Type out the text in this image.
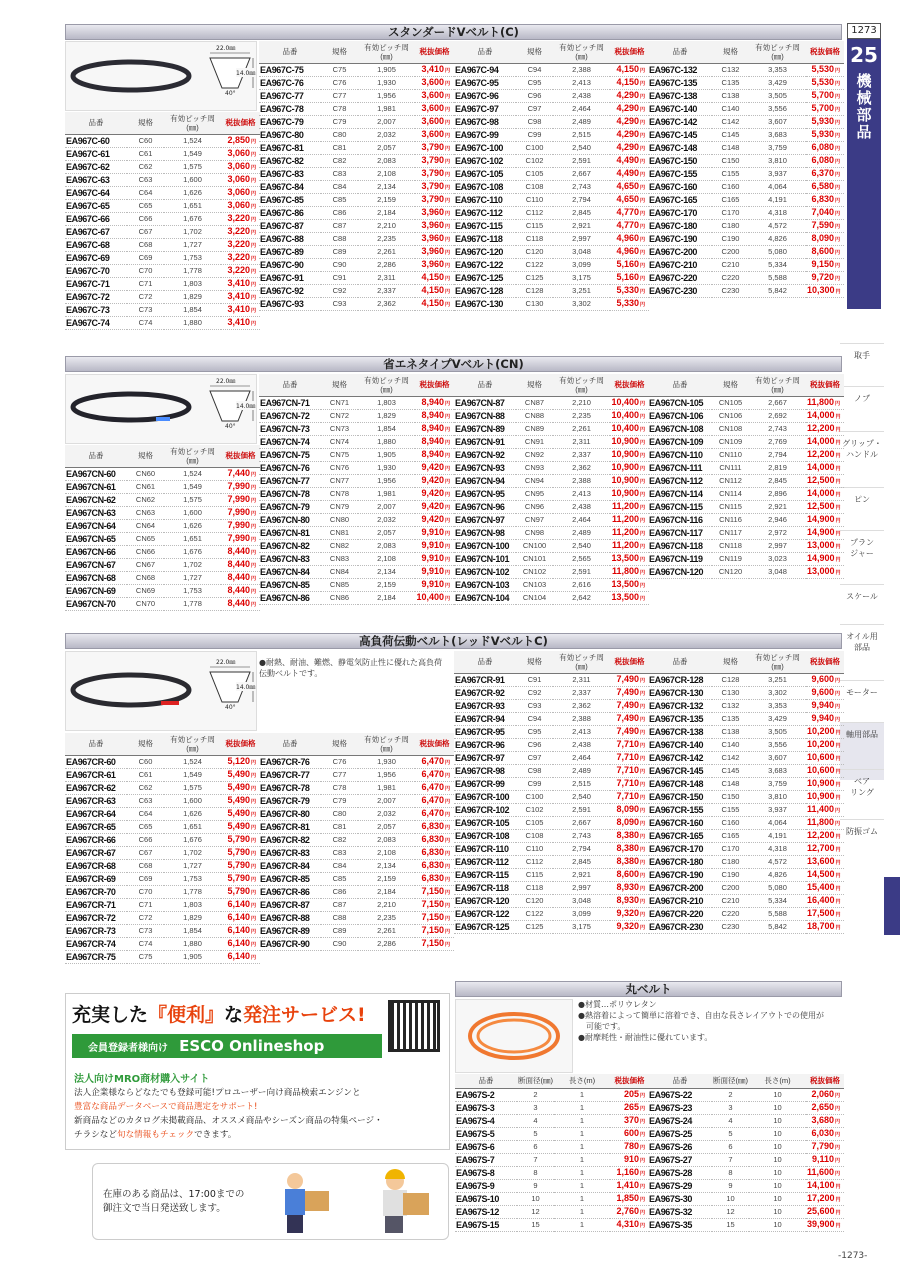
1273
25
機械部品
取手
ノブ
グリップ・
ハンドル
ピン
プラン
ジャー
スケール
オイル用
部品
モーター
軸用部品
ベア
リング
防振ゴム
スタンダードVベルト(C)
22.0㎜
14.0㎜
40°
省エネタイプVベルト(CN)
22.0㎜
14.0㎜
40°
高負荷伝動ベルト(レッドVベルトC)
22.0㎜
14.0㎜
40°
●耐熱、耐油、難燃、静電気防止性に優れた高負荷伝動ベルトです。
丸ベルト
●材質…ポリウレタン
●熱溶着によって簡単に溶着でき、自由な長さレイアウトでの使用が
　可能です。
●耐摩耗性・耐油性に優れています。
充実した『便利』な発注サービス!
会員登録者様向け ESCO Onlineshop
法人向けMRO商材購入サイト
法人企業様ならどなたでも登録可能!プロユーザー向け商品検索エンジンと
豊富な商品データベースで商品選定をサポート!
新商品などのカタログ未掲載商品、オススメ商品やシーズン商品の特集ページ・
チラシなど旬な情報もチェックできます。
在庫のある商品は、17:00までの
御注文で当日発送致します。
-1273-
品番	規格	有効ピッチ周
(㎜)	税抜価格
EA967C-60	C60	1,524	2,850 円
EA967C-61	C61	1,549	3,060 円
EA967C-62	C62	1,575	3,060 円
EA967C-63	C63	1,600	3,060 円
EA967C-64	C64	1,626	3,060 円
EA967C-65	C65	1,651	3,060 円
EA967C-66	C66	1,676	3,220 円
EA967C-67	C67	1,702	3,220 円
EA967C-68	C68	1,727	3,220 円
EA967C-69	C69	1,753	3,220 円
EA967C-70	C70	1,778	3,220 円
EA967C-71	C71	1,803	3,410 円
EA967C-72	C72	1,829	3,410 円
EA967C-73	C73	1,854	3,410 円
EA967C-74	C74	1,880	3,410 円
品番	規格	有効ピッチ周
(㎜)	税抜価格
EA967C-75	C75	1,905	3,410 円
EA967C-76	C76	1,930	3,600 円
EA967C-77	C77	1,956	3,600 円
EA967C-78	C78	1,981	3,600 円
EA967C-79	C79	2,007	3,600 円
EA967C-80	C80	2,032	3,600 円
EA967C-81	C81	2,057	3,790 円
EA967C-82	C82	2,083	3,790 円
EA967C-83	C83	2,108	3,790 円
EA967C-84	C84	2,134	3,790 円
EA967C-85	C85	2,159	3,790 円
EA967C-86	C86	2,184	3,960 円
EA967C-87	C87	2,210	3,960 円
EA967C-88	C88	2,235	3,960 円
EA967C-89	C89	2,261	3,960 円
EA967C-90	C90	2,286	3,960 円
EA967C-91	C91	2,311	4,150 円
EA967C-92	C92	2,337	4,150 円
EA967C-93	C93	2,362	4,150 円
品番	規格	有効ピッチ周
(㎜)	税抜価格
EA967C-94	C94	2,388	4,150 円
EA967C-95	C95	2,413	4,150 円
EA967C-96	C96	2,438	4,290 円
EA967C-97	C97	2,464	4,290 円
EA967C-98	C98	2,489	4,290 円
EA967C-99	C99	2,515	4,290 円
EA967C-100	C100	2,540	4,290 円
EA967C-102	C102	2,591	4,490 円
EA967C-105	C105	2,667	4,490 円
EA967C-108	C108	2,743	4,650 円
EA967C-110	C110	2,794	4,650 円
EA967C-112	C112	2,845	4,770 円
EA967C-115	C115	2,921	4,770 円
EA967C-118	C118	2,997	4,960 円
EA967C-120	C120	3,048	4,960 円
EA967C-122	C122	3,099	5,160 円
EA967C-125	C125	3,175	5,160 円
EA967C-128	C128	3,251	5,330 円
EA967C-130	C130	3,302	5,330 円
品番	規格	有効ピッチ周
(㎜)	税抜価格
EA967C-132	C132	3,353	5,530 円
EA967C-135	C135	3,429	5,530 円
EA967C-138	C138	3,505	5,700 円
EA967C-140	C140	3,556	5,700 円
EA967C-142	C142	3,607	5,930 円
EA967C-145	C145	3,683	5,930 円
EA967C-148	C148	3,759	6,080 円
EA967C-150	C150	3,810	6,080 円
EA967C-155	C155	3,937	6,370 円
EA967C-160	C160	4,064	6,580 円
EA967C-165	C165	4,191	6,830 円
EA967C-170	C170	4,318	7,040 円
EA967C-180	C180	4,572	7,590 円
EA967C-190	C190	4,826	8,090 円
EA967C-200	C200	5,080	8,600 円
EA967C-210	C210	5,334	9,150 円
EA967C-220	C220	5,588	9,720 円
EA967C-230	C230	5,842	10,300 円
品番	規格	有効ピッチ周
(㎜)	税抜価格
EA967CN-60	CN60	1,524	7,440 円
EA967CN-61	CN61	1,549	7,990 円
EA967CN-62	CN62	1,575	7,990 円
EA967CN-63	CN63	1,600	7,990 円
EA967CN-64	CN64	1,626	7,990 円
EA967CN-65	CN65	1,651	7,990 円
EA967CN-66	CN66	1,676	8,440 円
EA967CN-67	CN67	1,702	8,440 円
EA967CN-68	CN68	1,727	8,440 円
EA967CN-69	CN69	1,753	8,440 円
EA967CN-70	CN70	1,778	8,440 円
品番	規格	有効ピッチ周
(㎜)	税抜価格
EA967CN-71	CN71	1,803	8,940 円
EA967CN-72	CN72	1,829	8,940 円
EA967CN-73	CN73	1,854	8,940 円
EA967CN-74	CN74	1,880	8,940 円
EA967CN-75	CN75	1,905	8,940 円
EA967CN-76	CN76	1,930	9,420 円
EA967CN-77	CN77	1,956	9,420 円
EA967CN-78	CN78	1,981	9,420 円
EA967CN-79	CN79	2,007	9,420 円
EA967CN-80	CN80	2,032	9,420 円
EA967CN-81	CN81	2,057	9,910 円
EA967CN-82	CN82	2,083	9,910 円
EA967CN-83	CN83	2,108	9,910 円
EA967CN-84	CN84	2,134	9,910 円
EA967CN-85	CN85	2,159	9,910 円
EA967CN-86	CN86	2,184	10,400 円
品番	規格	有効ピッチ周
(㎜)	税抜価格
EA967CN-87	CN87	2,210	10,400 円
EA967CN-88	CN88	2,235	10,400 円
EA967CN-89	CN89	2,261	10,400 円
EA967CN-91	CN91	2,311	10,900 円
EA967CN-92	CN92	2,337	10,900 円
EA967CN-93	CN93	2,362	10,900 円
EA967CN-94	CN94	2,388	10,900 円
EA967CN-95	CN95	2,413	10,900 円
EA967CN-96	CN96	2,438	11,200 円
EA967CN-97	CN97	2,464	11,200 円
EA967CN-98	CN98	2,489	11,200 円
EA967CN-100	CN100	2,540	11,200 円
EA967CN-101	CN101	2,565	13,500 円
EA967CN-102	CN102	2,591	11,800 円
EA967CN-103	CN103	2,616	13,500 円
EA967CN-104	CN104	2,642	13,500 円
品番	規格	有効ピッチ周
(㎜)	税抜価格
EA967CN-105	CN105	2,667	11,800 円
EA967CN-106	CN106	2,692	14,000 円
EA967CN-108	CN108	2,743	12,200 円
EA967CN-109	CN109	2,769	14,000 円
EA967CN-110	CN110	2,794	12,200 円
EA967CN-111	CN111	2,819	14,000 円
EA967CN-112	CN112	2,845	12,500 円
EA967CN-114	CN114	2,896	14,000 円
EA967CN-115	CN115	2,921	12,500 円
EA967CN-116	CN116	2,946	14,900 円
EA967CN-117	CN117	2,972	14,900 円
EA967CN-118	CN118	2,997	13,000 円
EA967CN-119	CN119	3,023	14,900 円
EA967CN-120	CN120	3,048	13,000 円
品番	規格	有効ピッチ周
(㎜)	税抜価格
EA967CR-60	C60	1,524	5,120 円
EA967CR-61	C61	1,549	5,490 円
EA967CR-62	C62	1,575	5,490 円
EA967CR-63	C63	1,600	5,490 円
EA967CR-64	C64	1,626	5,490 円
EA967CR-65	C65	1,651	5,490 円
EA967CR-66	C66	1,676	5,790 円
EA967CR-67	C67	1,702	5,790 円
EA967CR-68	C68	1,727	5,790 円
EA967CR-69	C69	1,753	5,790 円
EA967CR-70	C70	1,778	5,790 円
EA967CR-71	C71	1,803	6,140 円
EA967CR-72	C72	1,829	6,140 円
EA967CR-73	C73	1,854	6,140 円
EA967CR-74	C74	1,880	6,140 円
EA967CR-75	C75	1,905	6,140 円
品番	規格	有効ピッチ周
(㎜)	税抜価格
EA967CR-76	C76	1,930	6,470 円
EA967CR-77	C77	1,956	6,470 円
EA967CR-78	C78	1,981	6,470 円
EA967CR-79	C79	2,007	6,470 円
EA967CR-80	C80	2,032	6,470 円
EA967CR-81	C81	2,057	6,830 円
EA967CR-82	C82	2,083	6,830 円
EA967CR-83	C83	2,108	6,830 円
EA967CR-84	C84	2,134	6,830 円
EA967CR-85	C85	2,159	6,830 円
EA967CR-86	C86	2,184	7,150 円
EA967CR-87	C87	2,210	7,150 円
EA967CR-88	C88	2,235	7,150 円
EA967CR-89	C89	2,261	7,150 円
EA967CR-90	C90	2,286	7,150 円
品番	規格	有効ピッチ周
(㎜)	税抜価格
EA967CR-91	C91	2,311	7,490 円
EA967CR-92	C92	2,337	7,490 円
EA967CR-93	C93	2,362	7,490 円
EA967CR-94	C94	2,388	7,490 円
EA967CR-95	C95	2,413	7,490 円
EA967CR-96	C96	2,438	7,710 円
EA967CR-97	C97	2,464	7,710 円
EA967CR-98	C98	2,489	7,710 円
EA967CR-99	C99	2,515	7,710 円
EA967CR-100	C100	2,540	7,710 円
EA967CR-102	C102	2,591	8,090 円
EA967CR-105	C105	2,667	8,090 円
EA967CR-108	C108	2,743	8,380 円
EA967CR-110	C110	2,794	8,380 円
EA967CR-112	C112	2,845	8,380 円
EA967CR-115	C115	2,921	8,600 円
EA967CR-118	C118	2,997	8,930 円
EA967CR-120	C120	3,048	8,930 円
EA967CR-122	C122	3,099	9,320 円
EA967CR-125	C125	3,175	9,320 円
品番	規格	有効ピッチ周
(㎜)	税抜価格
EA967CR-128	C128	3,251	9,600 円
EA967CR-130	C130	3,302	9,600 円
EA967CR-132	C132	3,353	9,940 円
EA967CR-135	C135	3,429	9,940 円
EA967CR-138	C138	3,505	10,200 円
EA967CR-140	C140	3,556	10,200 円
EA967CR-142	C142	3,607	10,600 円
EA967CR-145	C145	3,683	10,600 円
EA967CR-148	C148	3,759	10,900 円
EA967CR-150	C150	3,810	10,900 円
EA967CR-155	C155	3,937	11,400 円
EA967CR-160	C160	4,064	11,800 円
EA967CR-165	C165	4,191	12,200 円
EA967CR-170	C170	4,318	12,700 円
EA967CR-180	C180	4,572	13,600 円
EA967CR-190	C190	4,826	14,500 円
EA967CR-200	C200	5,080	15,400 円
EA967CR-210	C210	5,334	16,400 円
EA967CR-220	C220	5,588	17,500 円
EA967CR-230	C230	5,842	18,700 円
品番	断面径(㎜)	長さ(m)	税抜価格
EA967S-2	2	1	205 円
EA967S-3	3	1	265 円
EA967S-4	4	1	370 円
EA967S-5	5	1	600 円
EA967S-6	6	1	780 円
EA967S-7	7	1	910 円
EA967S-8	8	1	1,160 円
EA967S-9	9	1	1,410 円
EA967S-10	10	1	1,850 円
EA967S-12	12	1	2,760 円
EA967S-15	15	1	4,310 円
品番	断面径(㎜)	長さ(m)	税抜価格
EA967S-22	2	10	2,060 円
EA967S-23	3	10	2,650 円
EA967S-24	4	10	3,680 円
EA967S-25	5	10	6,030 円
EA967S-26	6	10	7,790 円
EA967S-27	7	10	9,110 円
EA967S-28	8	10	11,600 円
EA967S-29	9	10	14,100 円
EA967S-30	10	10	17,200 円
EA967S-32	12	10	25,600 円
EA967S-35	15	10	39,900 円
